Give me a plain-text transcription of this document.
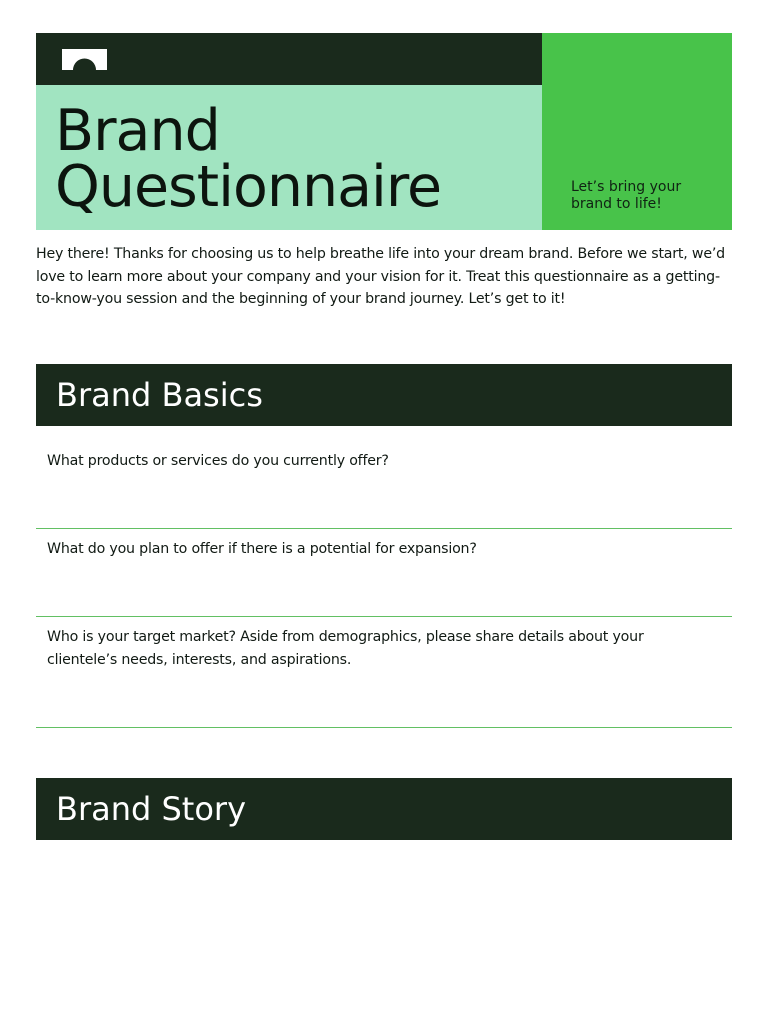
Brand
Questionnaire	Let’s bring your brand to life!

Hey there! Thanks for choosing us to help breathe life into your dream brand. Before we start, we’d love to learn more about your company and your vision for it. Treat this questionnaire as a getting-to-know-you session and the beginning of your brand journey. Let’s get to it!

Brand Basics

What products or services do you currently offer?

What do you plan to offer if there is a potential for expansion?

Who is your target market? Aside from demographics, please share details about your clientele’s needs, interests, and aspirations.

Brand Story
